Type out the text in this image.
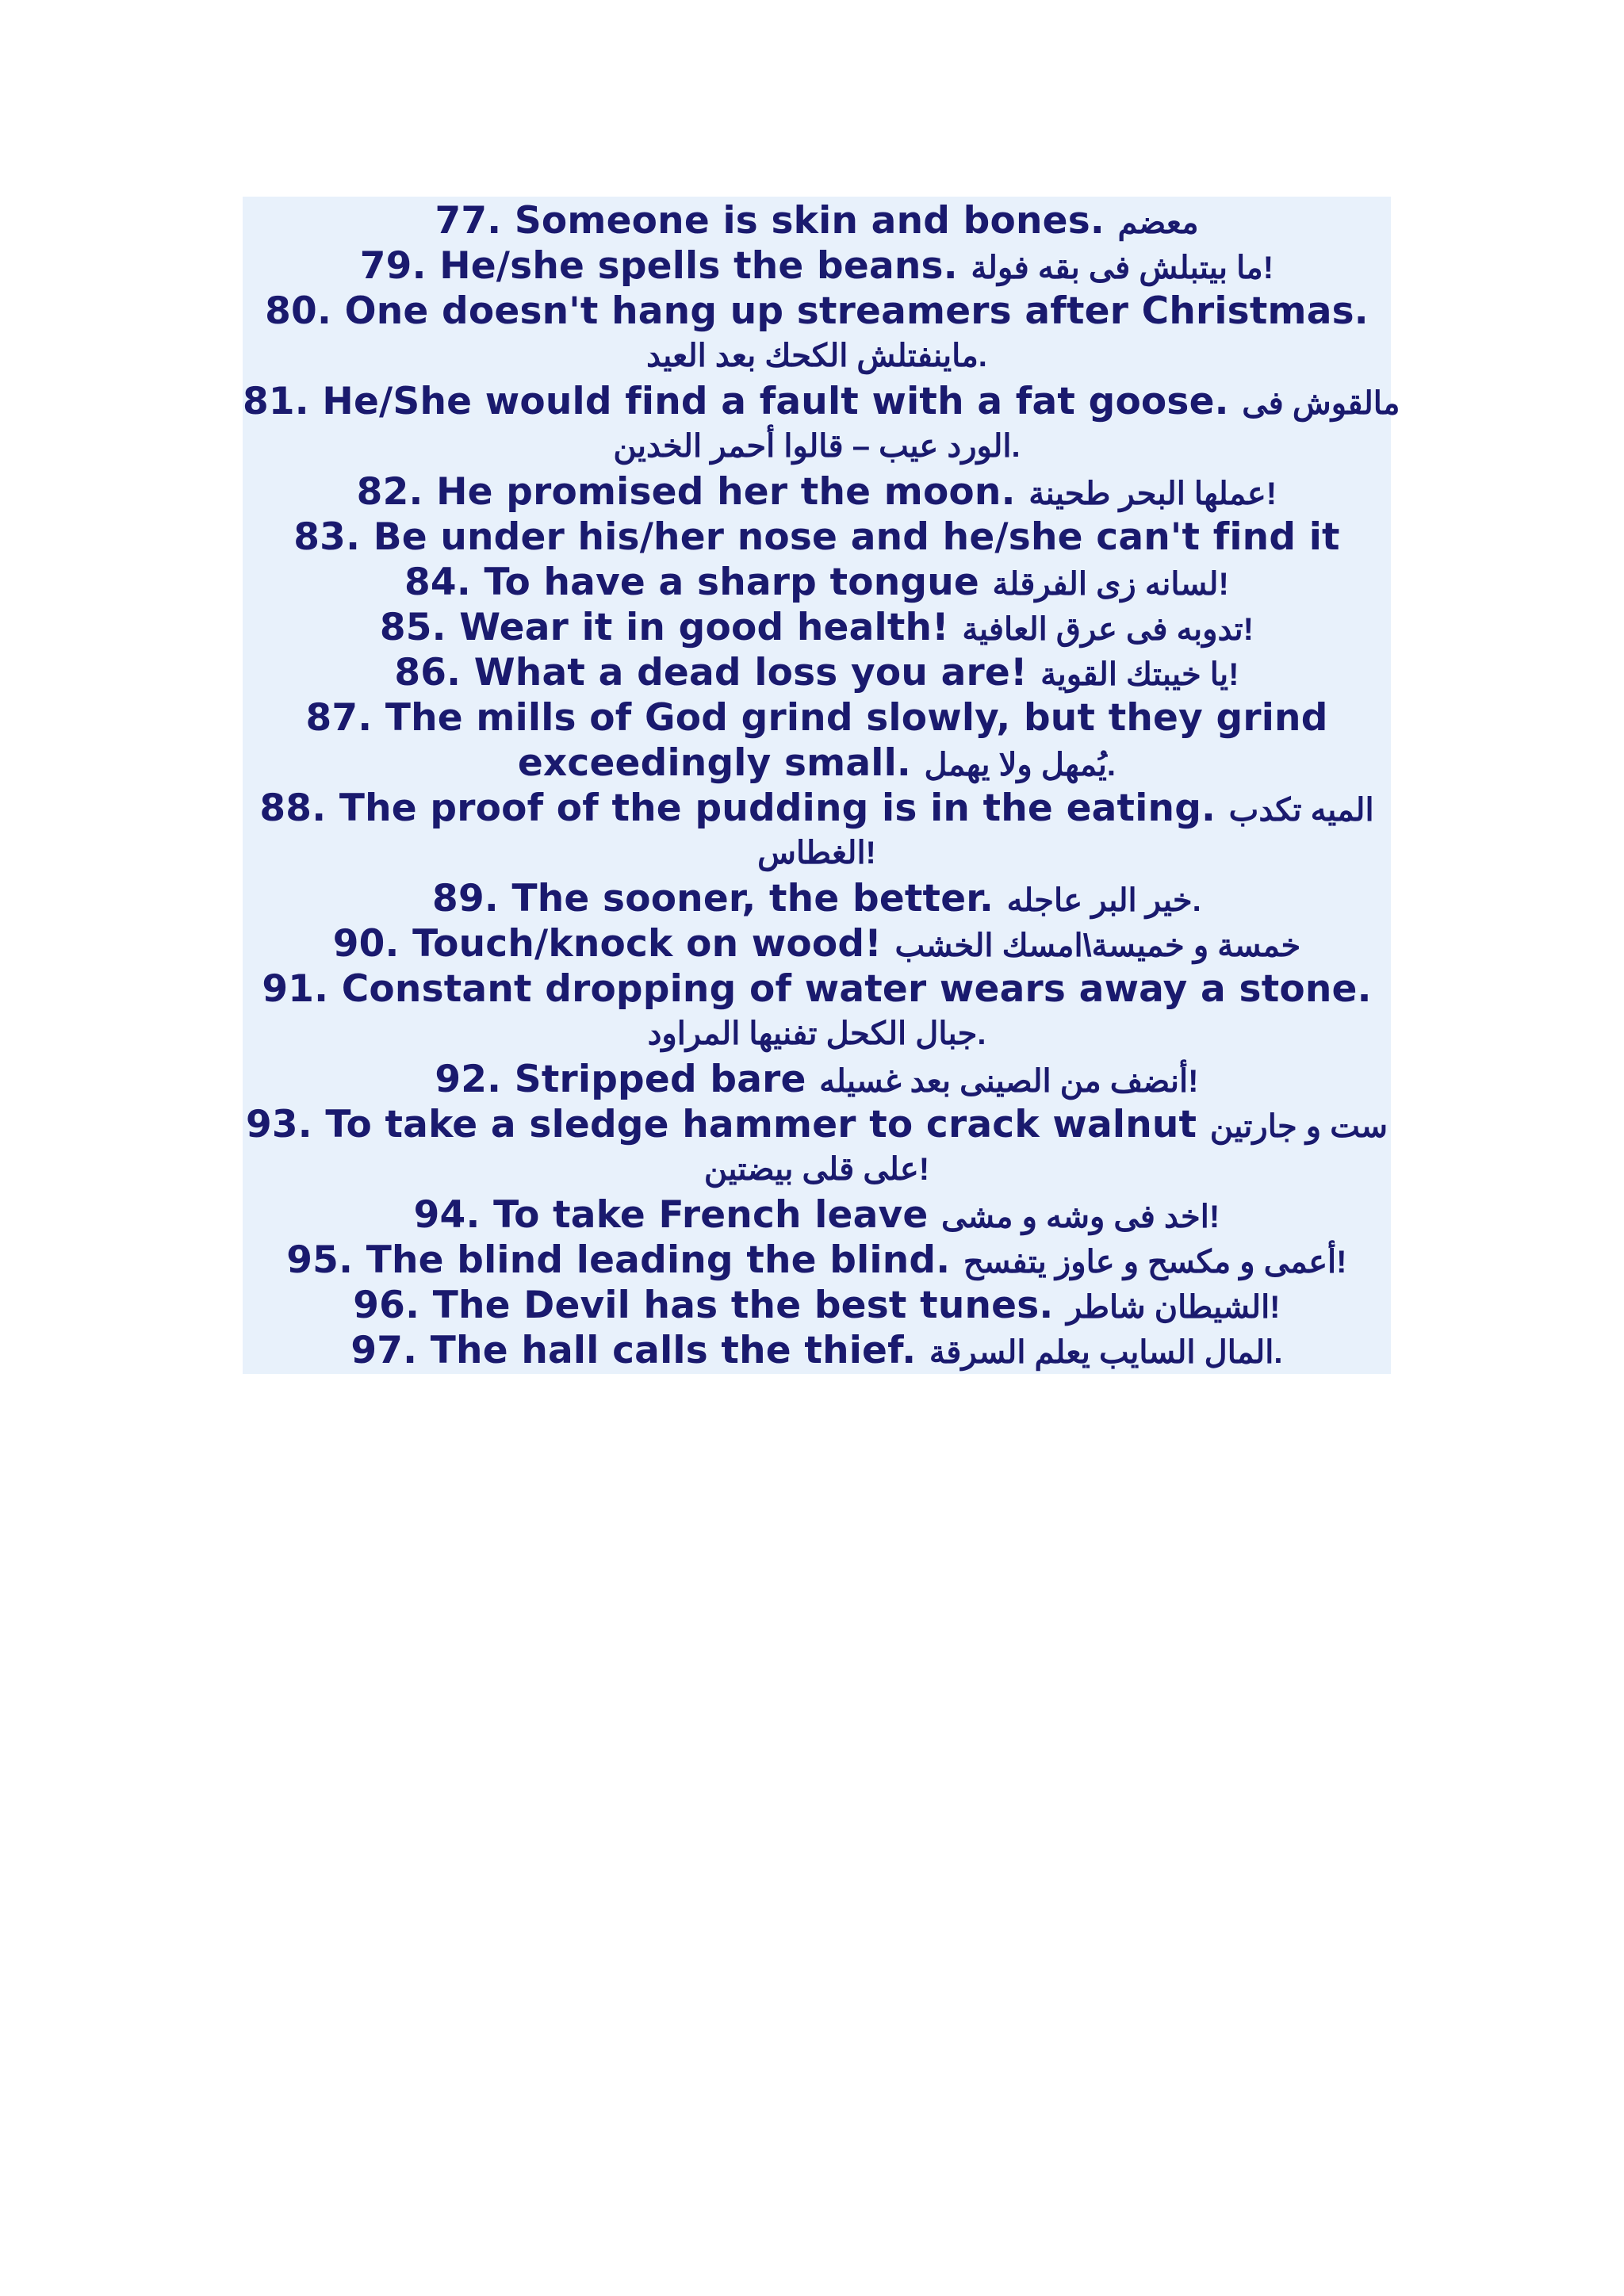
77. Someone is skin and bones. معضم
79. He/she spells the beans. !ما بيتبلش فى بقه فولة
80. One doesn't hang up streamers after Christmas.
.ماينفتلش الكحك بعد العيد
81. He/She would find a fault with a fat goose. مالقوش فى
.الورد عيب – قالوا أحمر الخدين
82. He promised her the moon. !عملها البحر طحينة
83. Be under his/her nose and he/she can't find it
84. To have a sharp tongue !لسانه زى الفرقلة
85. Wear it in good health! !تدوبه فى عرق العافية
86. What a dead loss you are! !يا خيبتك القوية
87. The mills of God grind slowly, but they grind
exceedingly small. .يُمهل ولا يهمل
88. The proof of the pudding is in the eating. الميه تكدب
!الغطاس
89. The sooner, the better. .خير البر عاجله
90. Touch/knock on wood! خمسة و خميسة\امسك الخشب
91. Constant dropping of water wears away a stone.
.جبال الكحل تفنيها المراود
92. Stripped bare !أنضف من الصينى بعد غسيله
93. To take a sledge hammer to crack walnut ست و جارتين
!على قلى بيضتين
94. To take French leave !اخد فى وشه و مشى
95. The blind leading the blind. !أعمى و مكسح و عاوز يتفسح
96. The Devil has the best tunes. !الشيطان شاطر
97. The hall calls the thief. .المال السايب يعلم السرقة
